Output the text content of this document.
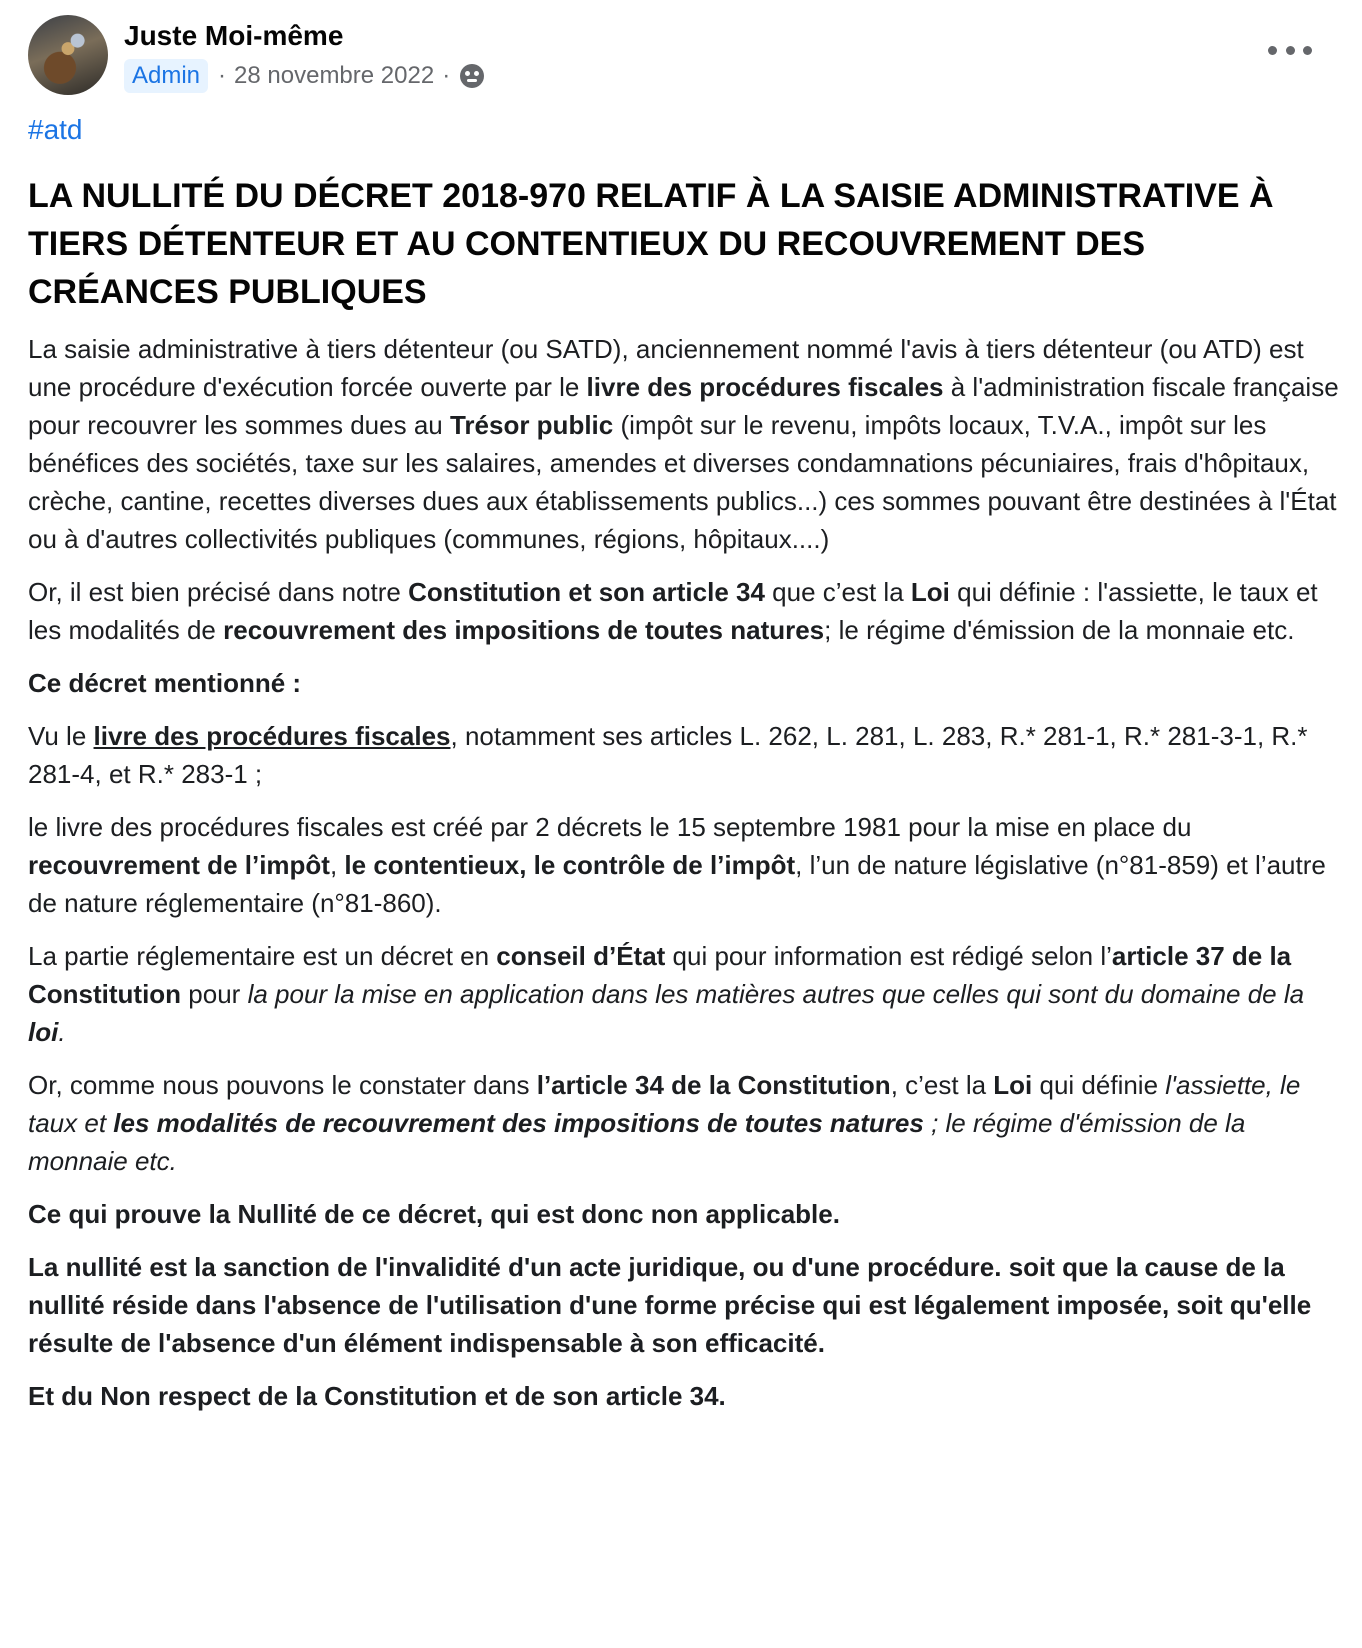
Juste Moi-même
Admin · 28 novembre 2022 ·
#atd
LA NULLITÉ DU DÉCRET 2018-970 RELATIF À LA SAISIE ADMINISTRATIVE À TIERS DÉTENTEUR ET AU CONTENTIEUX DU RECOUVREMENT DES CRÉANCES PUBLIQUES

La saisie administrative à tiers détenteur (ou SATD), anciennement nommé l'avis à tiers détenteur (ou ATD) est une procédure d'exécution forcée ouverte par le livre des procédures fiscales à l'administration fiscale française pour recouvrer les sommes dues au Trésor public (impôt sur le revenu, impôts locaux, T.V.A., impôt sur les bénéfices des sociétés, taxe sur les salaires, amendes et diverses condamnations pécuniaires, frais d'hôpitaux, crèche, cantine, recettes diverses dues aux établissements publics...) ces sommes pouvant être destinées à l'État ou à d'autres collectivités publiques (communes, régions, hôpitaux....)

Or, il est bien précisé dans notre Constitution et son article 34 que c’est la Loi qui définie : l'assiette, le taux et les modalités de recouvrement des impositions de toutes natures; le régime d'émission de la monnaie etc.

Ce décret mentionné :

Vu le livre des procédures fiscales, notamment ses articles L. 262, L. 281, L. 283, R.* 281-1, R.* 281-3-1, R.* 281-4, et R.* 283-1 ;

le livre des procédures fiscales est créé par 2 décrets le 15 septembre 1981 pour la mise en place du recouvrement de l’impôt, le contentieux, le contrôle de l’impôt, l’un de nature législative (n°81-859) et l’autre de nature réglementaire (n°81-860).

La partie réglementaire est un décret en conseil d’État qui pour information est rédigé selon l’article 37 de la Constitution pour la pour la mise en application dans les matières autres que celles qui sont du domaine de la loi.

Or, comme nous pouvons le constater dans l’article 34 de la Constitution, c’est la Loi qui définie l'assiette, le taux et les modalités de recouvrement des impositions de toutes natures ; le régime d'émission de la monnaie etc.

Ce qui prouve la Nullité de ce décret, qui est donc non applicable.

La nullité est la sanction de l'invalidité d'un acte juridique, ou d'une procédure. soit que la cause de la nullité réside dans l'absence de l'utilisation d'une forme précise qui est légalement imposée, soit qu'elle résulte de l'absence d'un élément indispensable à son efficacité.

Et du Non respect de la Constitution et de son article 34.
